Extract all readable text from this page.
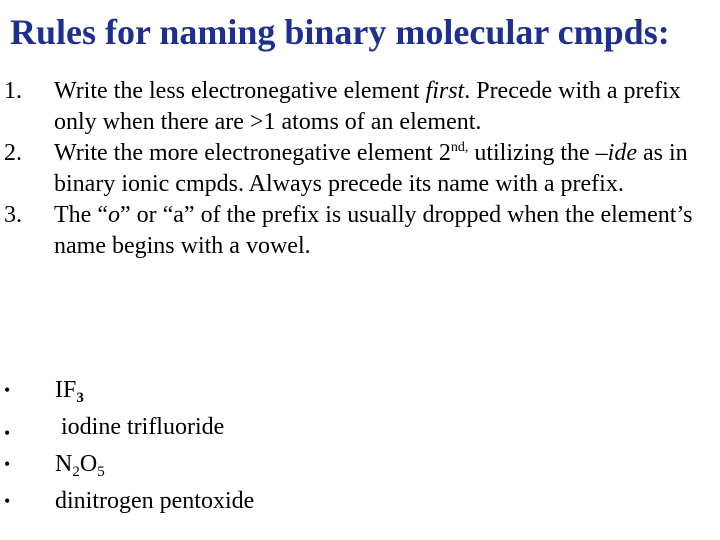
Rules for naming binary molecular cmpds:
1. Write the less electronegative element first. Precede with a prefix only when there are >1 atoms of an element.
2. Write the more electronegative element $2^{nd,}$ utilizing the –ide as in binary ionic cmpds. Always precede its name with a prefix.
3. The “o” or “a” of the prefix is usually dropped when the element’s name begins with a vowel.
• $IF_3$
• iodine trifluoride
• $N_2O_5$
• dinitrogen pentoxide
